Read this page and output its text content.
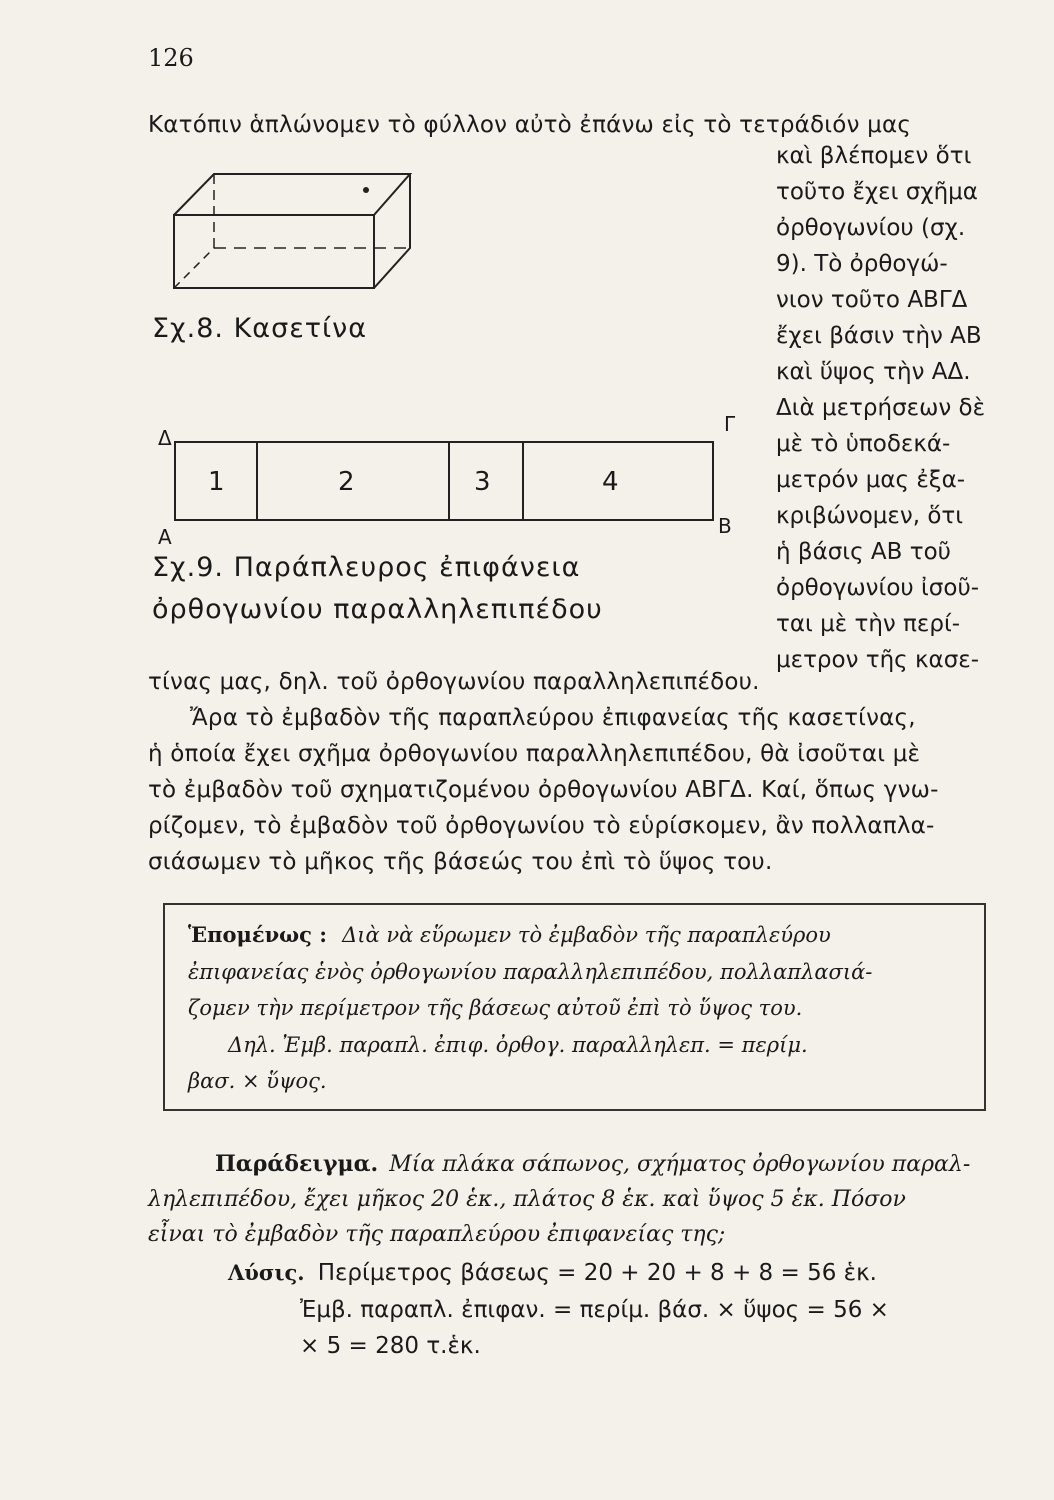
126
Κατόπιν ἁπλώνομεν τὸ φύλλον αὐτὸ ἐπάνω εἰς τὸ τετράδιόν μας
καὶ βλέπομεν ὅτι
τοῦτο ἔχει σχῆμα
ὀρθογωνίου (σχ.
9). Τὸ ὀρθογώ-
νιον τοῦτο ΑΒΓΔ
ἔχει βάσιν τὴν ΑΒ
καὶ ὕψος τὴν ΑΔ.
Διὰ μετρήσεων δὲ
μὲ τὸ ὑποδεκά-
μετρόν μας ἐξα-
κριβώνομεν, ὅτι
ἡ βάσις ΑΒ τοῦ
ὀρθογωνίου ἰσοῦ-
ται μὲ τὴν περί-
μετρον τῆς κασε-
Σχ.8. Κασετίνα
Δ
Γ
Α	Β
1	2	3	4
Σχ.9. Παράπλευρος ἐπιφάνεια
ὀρθογωνίου παραλληλεπιπέδου
τίνας μας, δηλ. τοῦ ὀρθογωνίου παραλληλεπιπέδου.
Ἄρα τὸ ἐμβαδὸν τῆς παραπλεύρου ἐπιφανείας τῆς κασετίνας,
ἡ ὁποία ἔχει σχῆμα ὀρθογωνίου παραλληλεπιπέδου, θὰ ἰσοῦται μὲ
τὸ ἐμβαδὸν τοῦ σχηματιζομένου ὀρθογωνίου ΑΒΓΔ. Καί, ὅπως γνω-
ρίζομεν, τὸ ἐμβαδὸν τοῦ ὀρθογωνίου τὸ εὑρίσκομεν, ἂν πολλαπλα-
σιάσωμεν τὸ μῆκος τῆς βάσεώς του ἐπὶ τὸ ὕψος του.
Ἑπομένως : Διὰ νὰ εὕρωμεν τὸ ἐμβαδὸν τῆς παραπλεύρου
ἐπιφανείας ἑνὸς ὀρθογωνίου παραλληλεπιπέδου, πολλαπλασιά-
ζομεν τὴν περίμετρον τῆς βάσεως αὐτοῦ ἐπὶ τὸ ὕψος του.
Δηλ. Ἐμβ. παραπλ. ἐπιφ. ὀρθογ. παραλληλεπ. = περίμ.
βασ. × ὕψος.
Παράδειγμα. Μία πλάκα σάπωνος, σχήματος ὀρθογωνίου παραλ-
ληλεπιπέδου, ἔχει μῆκος 20 ἑκ., πλάτος 8 ἑκ. καὶ ὕψος 5 ἑκ. Πόσον
εἶναι τὸ ἐμβαδὸν τῆς παραπλεύρου ἐπιφανείας της;
Λύσις. Περίμετρος βάσεως = 20 + 20 + 8 + 8 = 56 ἑκ.
Ἐμβ. παραπλ. ἐπιφαν. = περίμ. βάσ. × ὕψος = 56 ×
× 5 = 280 τ.ἑκ.
